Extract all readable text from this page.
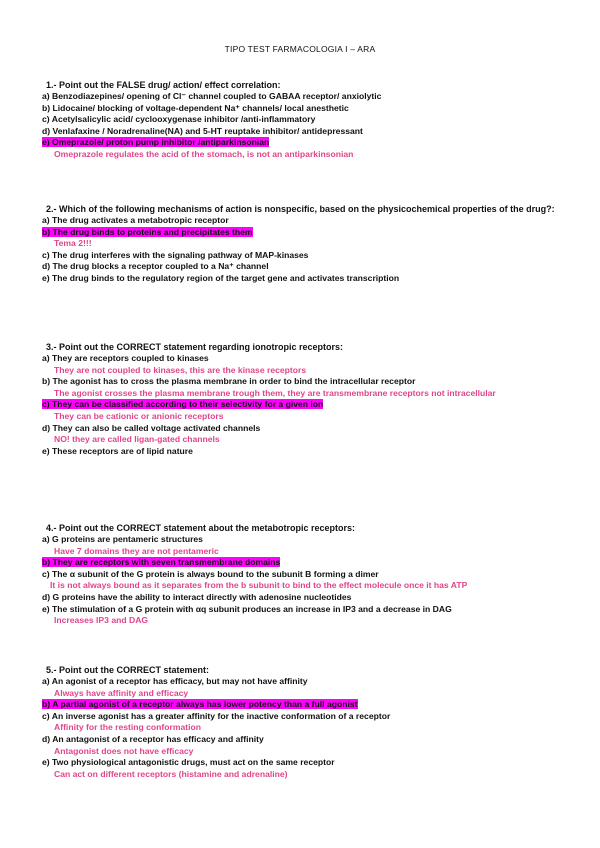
TIPO TEST FARMACOLOGIA I – ARA
1.- Point out the FALSE drug/ action/ effect correlation:
a) Benzodiazepines/ opening of Cl⁻ channel coupled to GABAA receptor/ anxiolytic
b) Lidocaine/ blocking of voltage-dependent Na⁺ channels/ local anesthetic
c) Acetylsalicylic acid/ cyclooxygenase inhibitor /anti-inflammatory
d) Venlafaxine / Noradrenaline(NA) and 5-HT reuptake inhibitor/ antidepressant
e) Omeprazole/ proton pump inhibitor /antiparkinsonian
Omeprazole regulates the acid of the stomach, is not an antiparkinsonian
2.- Which of the following mechanisms of action is nonspecific, based on the physicochemical properties of the drug?:
a) The drug activates a metabotropic receptor
b) The drug binds to proteins and precipitates them
Tema 2!!!
c) The drug interferes with the signaling pathway of MAP-kinases
d) The drug blocks a receptor coupled to a Na⁺ channel
e) The drug binds to the regulatory region of the target gene and activates transcription
3.- Point out the CORRECT statement regarding ionotropic receptors:
a) They are receptors coupled to kinases
They are not coupled to kinases, this are the kinase receptors
b) The agonist has to cross the plasma membrane in order to bind the intracellular receptor
The agonist crosses the plasma membrane trough them, they are transmembrane receptors not intracellular
c) They can be classified according to their selectivity for a given ion
They can be cationic or anionic receptors
d) They can also be called voltage activated channels
NO! they are called ligan-gated channels
e) These receptors are of lipid nature
4.- Point out the CORRECT statement about the metabotropic receptors:
a) G proteins are pentameric structures
Have 7 domains they are not pentameric
b) They are receptors with seven transmembrane domains
c) The α subunit of the G protein is always bound to the subunit B forming a dimer
It is not always bound as it separates from the b subunit to bind to the effect molecule once it has ATP
d) G proteins have the ability to interact directly with adenosine nucleotides
e) The stimulation of a G protein with αq subunit produces an increase in IP3 and a decrease in DAG
Increases IP3 and DAG
5.- Point out the CORRECT statement:
a) An agonist of a receptor has efficacy, but may not have affinity
Always have affinity and efficacy
b) A partial agonist of a receptor always has lower potency than a full agonist
c) An inverse agonist has a greater affinity for the inactive conformation of a receptor
Affinity for the resting conformation
d) An antagonist of a receptor has efficacy and affinity
Antagonist does not have efficacy
e) Two physiological antagonistic drugs, must act on the same receptor
Can act on different receptors (histamine and adrenaline)
